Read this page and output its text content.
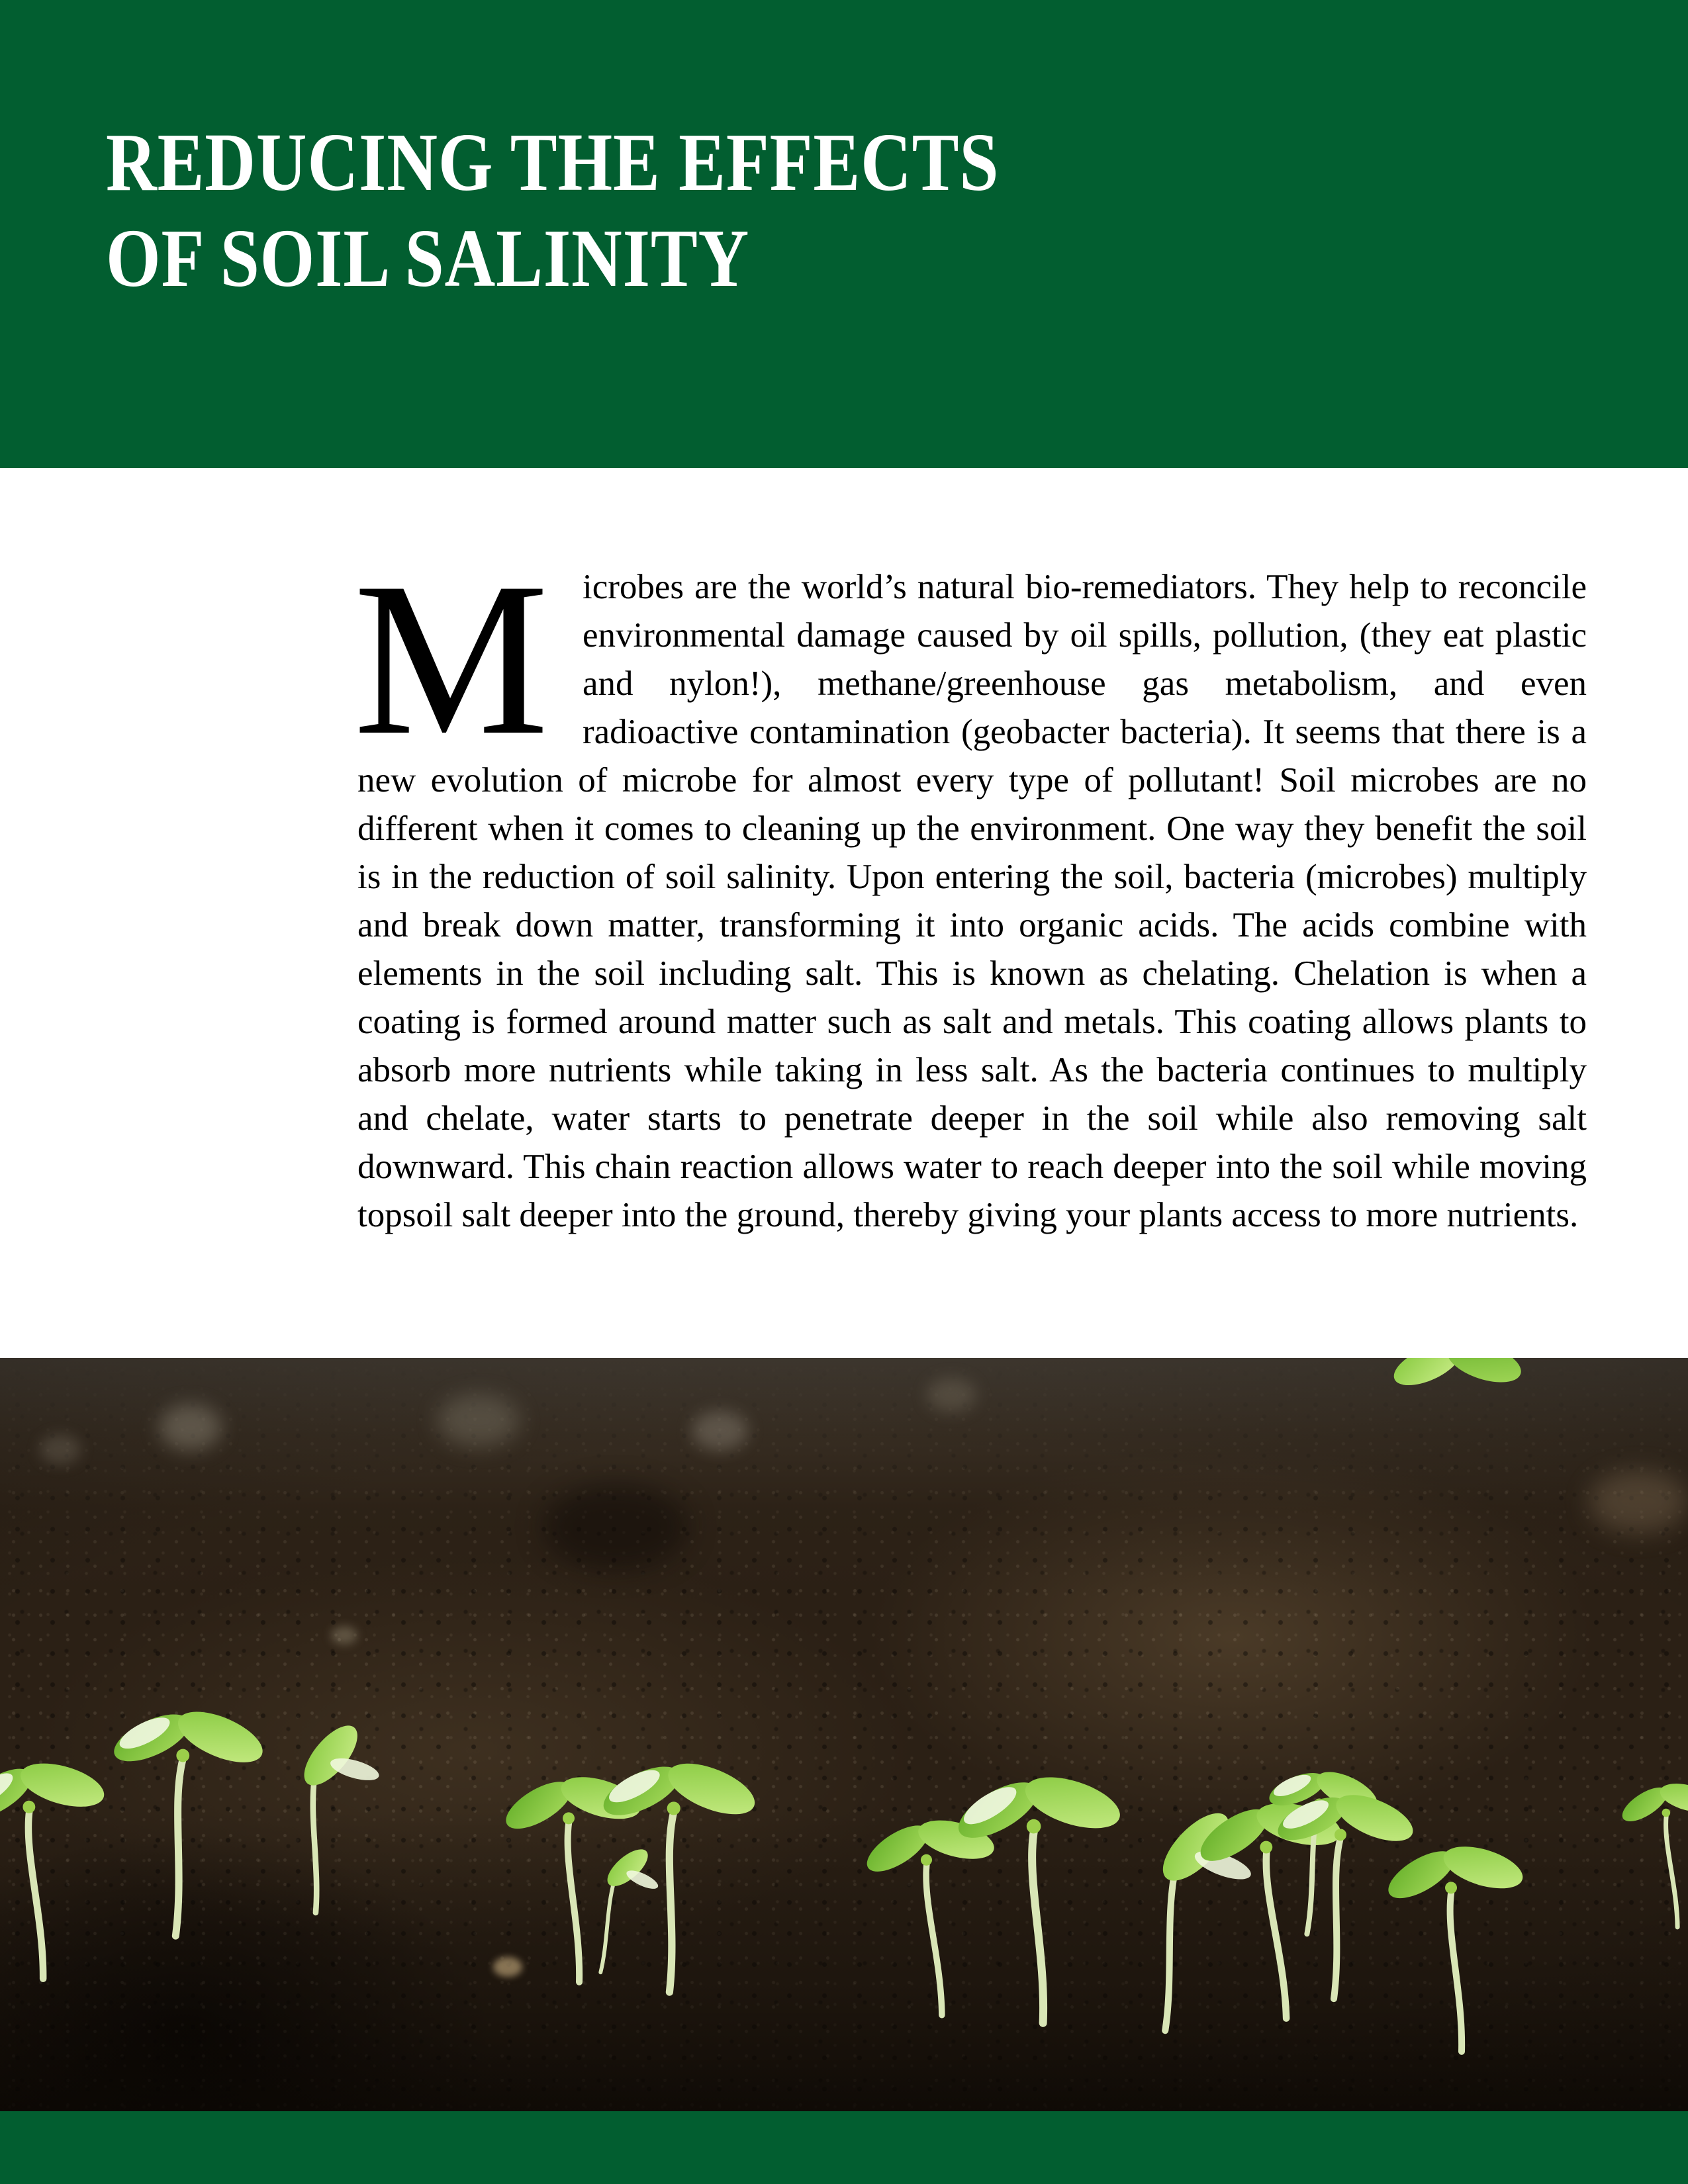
REDUCING THE EFFECTS
OF SOIL SALINITY
M icrobes are the world’s natural bio-remediators. They help to reconcile environmental damage caused by oil spills, pollution, (they eat plastic and nylon!), methane/greenhouse gas metabolism, and even radioactive contamination (geobacter bacteria). It seems that there is a new evolution of microbe for almost every type of pollutant! Soil microbes are no different when it comes to cleaning up the environment. One way they benefit the soil is in the reduction of soil salinity. Upon entering the soil, bacteria (microbes) multiply and break down matter, transforming it into organic acids. The acids combine with elements in the soil including salt. This is known as chelating. Chelation is when a coating is formed around matter such as salt and metals. This coating allows plants to absorb more nutrients while taking in less salt. As the bacteria continues to multiply and chelate, water starts to penetrate deeper in the soil while also removing salt downward. This chain reaction allows water to reach deeper into the soil while moving topsoil salt deeper into the ground, thereby giving your plants access to more nutrients.
